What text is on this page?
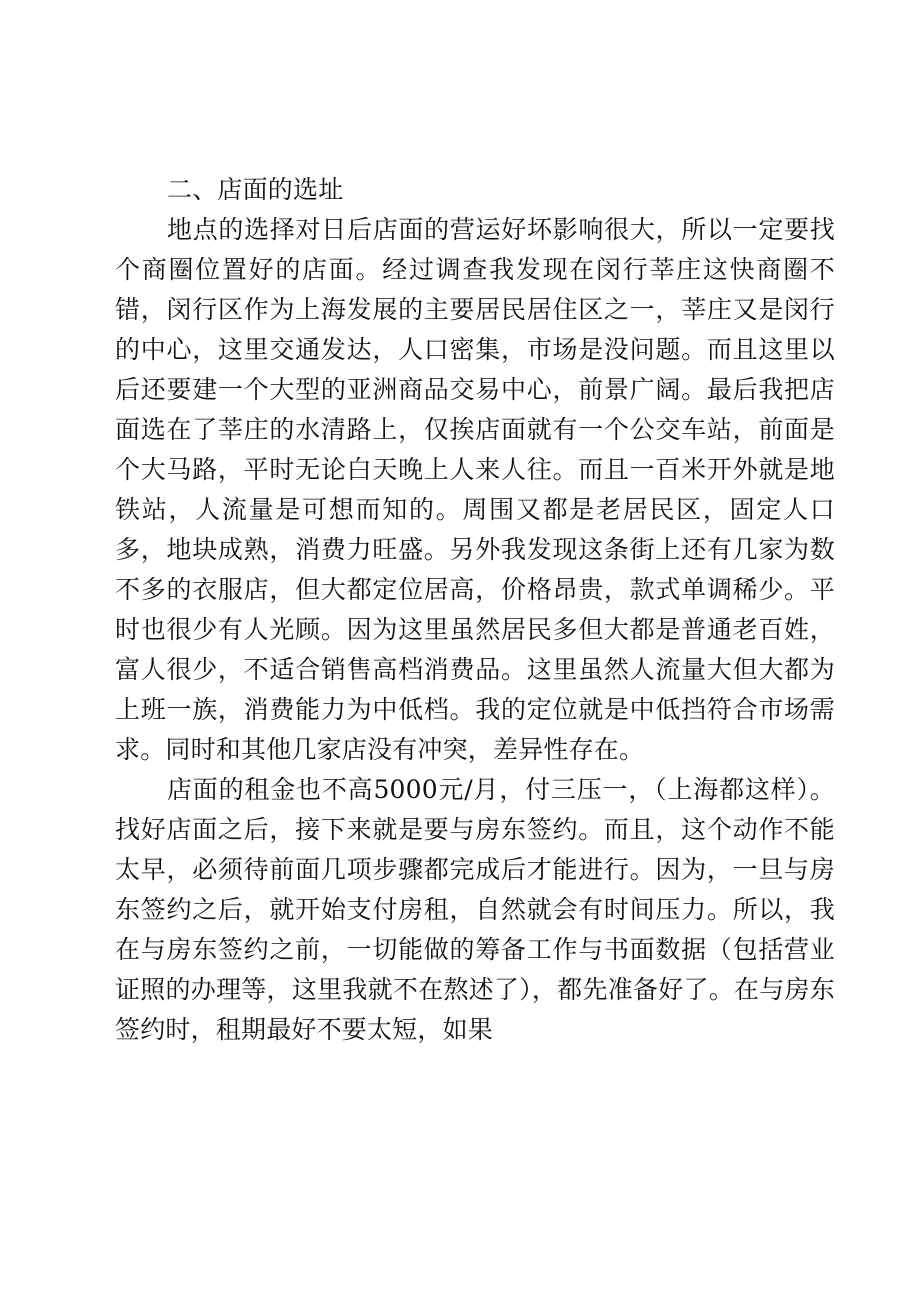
二、店面的选址

地点的选择对日后店面的营运好坏影响很大，所以一定要找个商圈位置好的店面。经过调查我发现在闵行莘庄这快商圈不错，闵行区作为上海发展的主要居民居住区之一，莘庄又是闵行的中心，这里交通发达，人口密集，市场是没问题。而且这里以后还要建一个大型的亚洲商品交易中心，前景广阔。最后我把店面选在了莘庄的水清路上，仅挨店面就有一个公交车站，前面是个大马路，平时无论白天晚上人来人往。而且一百米开外就是地铁站，人流量是可想而知的。周围又都是老居民区，固定人口多，地块成熟，消费力旺盛。另外我发现这条街上还有几家为数不多的衣服店，但大都定位居高，价格昂贵，款式单调稀少。平时也很少有人光顾。因为这里虽然居民多但大都是普通老百姓，富人很少，不适合销售高档消费品。这里虽然人流量大但大都为上班一族，消费能力为中低档。我的定位就是中低挡符合市场需求。同时和其他几家店没有冲突，差异性存在。

店面的租金也不高5000元/月，付三压一，（上海都这样）。找好店面之后，接下来就是要与房东签约。而且，这个动作不能太早，必须待前面几项步骤都完成后才能进行。因为，一旦与房东签约之后，就开始支付房租，自然就会有时间压力。所以，我在与房东签约之前，一切能做的筹备工作与书面数据（包括营业证照的办理等，这里我就不在熬述了），都先准备好了。在与房东签约时，租期最好不要太短，如果
